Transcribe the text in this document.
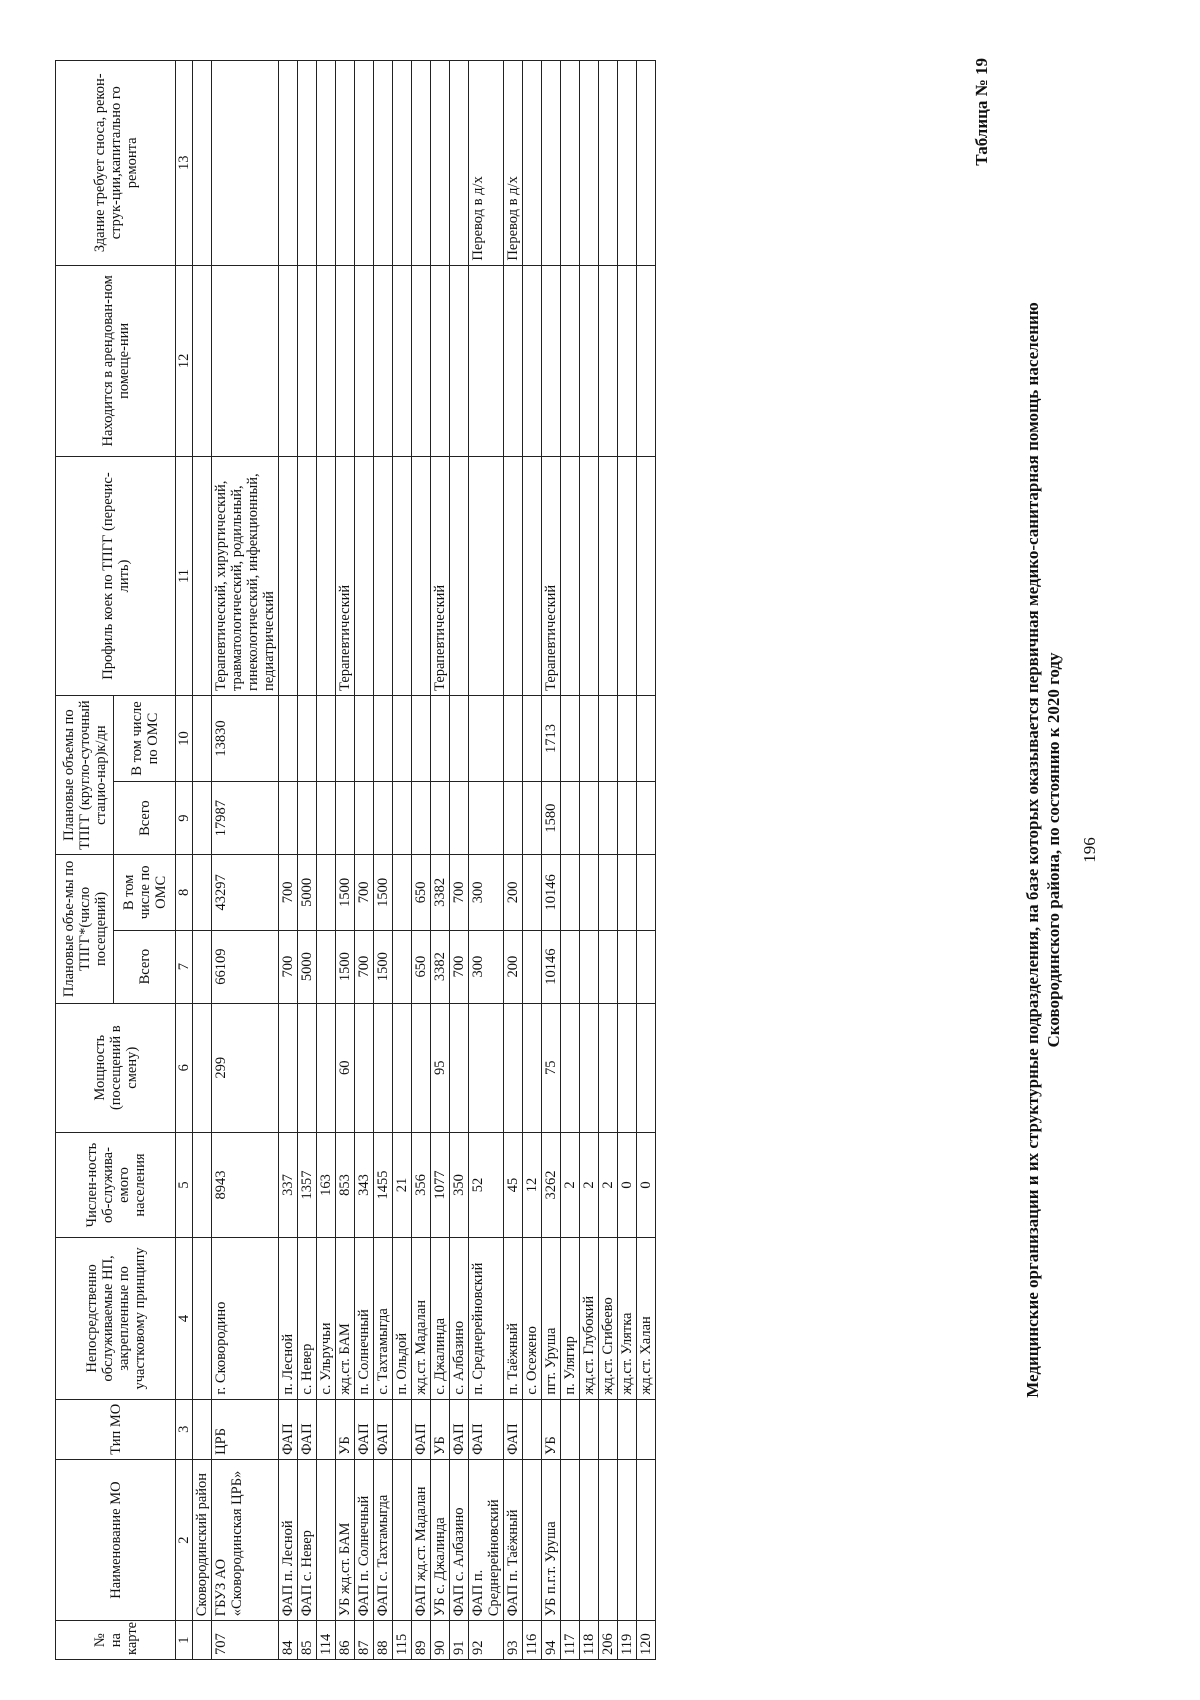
196
Медицинские организации и их структурные подразделения, на базе которых оказывается первичная медико-санитарная помощь населению Сковородинского района, по состоянию к 2020 году
Таблица № 19
№ на карте	Наименование МО	Тип МО	Непосредственно обслуживаемые НП, закрепленные по участковому принципу	Числен-ность об-служива-емого населения	Мощность (посещений в смену)	Плановые объе-мы по ТПГГ*(число посещений)		Плановые объемы по ТПГГ (кругло-суточный стацио-нар)к/дн		Профиль коек по ТПГГ (перечис-лить)	Находится в арендован-ном помеще-нии	Здание требует сноса, рекон-струк-ции,капитально го ремонта
						Всего	В том числе по ОМС	Всего	В том числе по ОМС			
1	2	3	4	5	6	7	8	9	10	11	12	13
	Сковородинский район											
707	ГБУЗ АО «Сковородинская ЦРБ»	ЦРБ	г. Сковородино	8943	299	66109	43297	17987	13830	Терапевтический, хирургический, травматологический, родильный, гинекологический, инфекционный, педиатрический		
84	ФАП п. Лесной	ФАП	п. Лесной	337		700	700					
85	ФАП с. Невер	ФАП	с. Невер	1357		5000	5000					
114			с. Ульручьи	163								
86	УБ жд.ст. БАМ	УБ	жд.ст. БАМ	853	60	1500	1500			Терапевтический		
87	ФАП п. Солнечный	ФАП	п. Солнечный	343		700	700					
88	ФАП с. Тахтамыгда	ФАП	с. Тахтамыгда	1455		1500	1500					
115			п. Ольдой	21								
89	ФАП жд.ст. Мадалан	ФАП	жд.ст. Мадалан	356		650	650					
90	УБ с. Джалинда	УБ	с. Джалинда	1077	95	3382	3382			Терапевтический		
91	ФАП с. Албазино	ФАП	с. Албазино	350		700	700					
92	ФАП п. Среднерейновский	ФАП	п. Среднерейновский	52		300	300					Перевод в д/х
93	ФАП п. Таёжный	ФАП	п. Таёжный	45		200	200					Перевод в д/х
116			с. Осежено	12								
94	УБ п.г.т. Уруша	УБ	пгт. Уруша	3262	75	10146	10146	1580	1713	Терапевтический		
117			п. Улягир	2								
118			жд.ст. Глубокий	2								
206			жд.ст. Сгибеево	2								
119			жд.ст. Улятка	0								
120			жд.ст. Халан	0								
